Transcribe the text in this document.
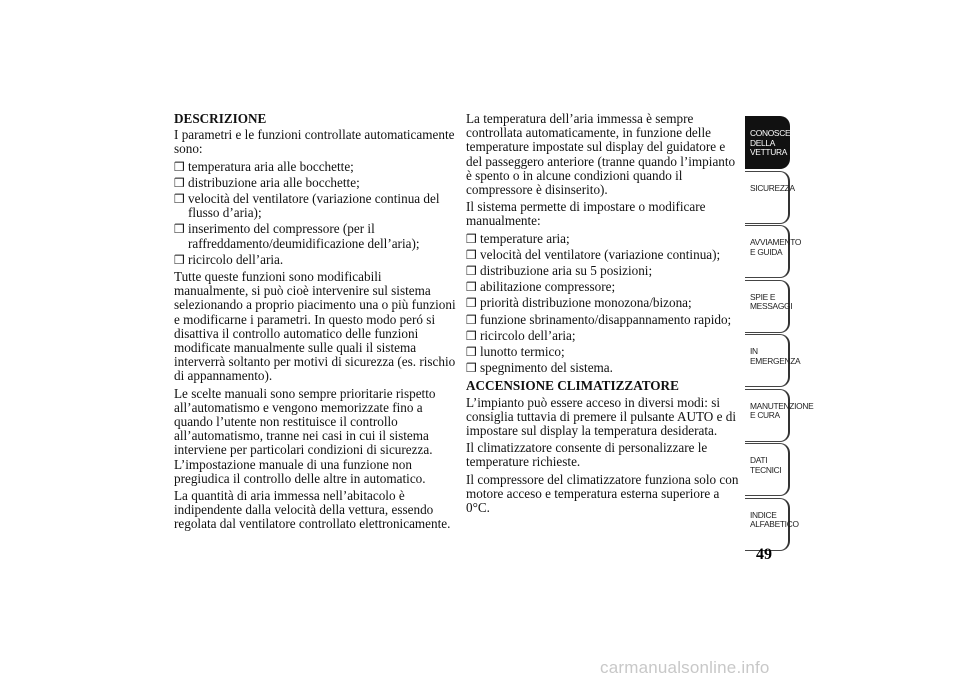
DESCRIZIONE

I parametri e le funzioni controllate automaticamente sono:

❒ temperatura aria alle bocchette;
❒ distribuzione aria alle bocchette;
❒ velocità del ventilatore (variazione continua del flusso d’aria);
❒ inserimento del compressore (per il raffreddamento/deumidificazione dell’aria);
❒ ricircolo dell’aria.

Tutte queste funzioni sono modificabili manualmente, si può cioè intervenire sul sistema selezionando a proprio piacimento una o più funzioni e modificarne i parametri. In questo modo peró si disattiva il controllo automatico delle funzioni modificate manualmente sulle quali il sistema interverrà soltanto per motivi di sicurezza (es. rischio di appannamento).

Le scelte manuali sono sempre prioritarie rispetto all’automatismo e vengono memorizzate fino a quando l’utente non restituisce il controllo all’automatismo, tranne nei casi in cui il sistema interviene per particolari condizioni di sicurezza. L’impostazione manuale di una funzione non pregiudica il controllo delle altre in automatico.

La quantità di aria immessa nell’abitacolo è indipendente dalla velocità della vettura, essendo regolata dal ventilatore controllato elettronicamente.

La temperatura dell’aria immessa è sempre controllata automaticamente, in funzione delle temperature impostate sul display del guidatore e del passeggero anteriore (tranne quando l’impianto è spento o in alcune condizioni quando il compressore è disinserito).

Il sistema permette di impostare o modificare manualmente:

❒ temperature aria;
❒ velocità del ventilatore (variazione continua);
❒ distribuzione aria su 5 posizioni;
❒ abilitazione compressore;
❒ priorità distribuzione monozona/bizona;
❒ funzione sbrinamento/disappannamento rapido;
❒ ricircolo dell’aria;
❒ lunotto termico;
❒ spegnimento del sistema.
ACCENSIONE CLIMATIZZATORE

L’impianto può essere acceso in diversi modi: si consiglia tuttavia di premere il pulsante AUTO e di impostare sul display la temperatura desiderata.

Il climatizzatore consente di personalizzare le temperature richieste.

Il compressore del climatizzatore funziona solo con motore acceso e temperatura esterna superiore a 0°C.

CONOSCENZA DELLA VETTURA
SICUREZZA
AVVIAMENTO E GUIDA
SPIE E MESSAGGI
IN EMERGENZA
MANUTENZIONE E CURA
DATI TECNICI
INDICE ALFABETICO
49
carmanualsonline.info
